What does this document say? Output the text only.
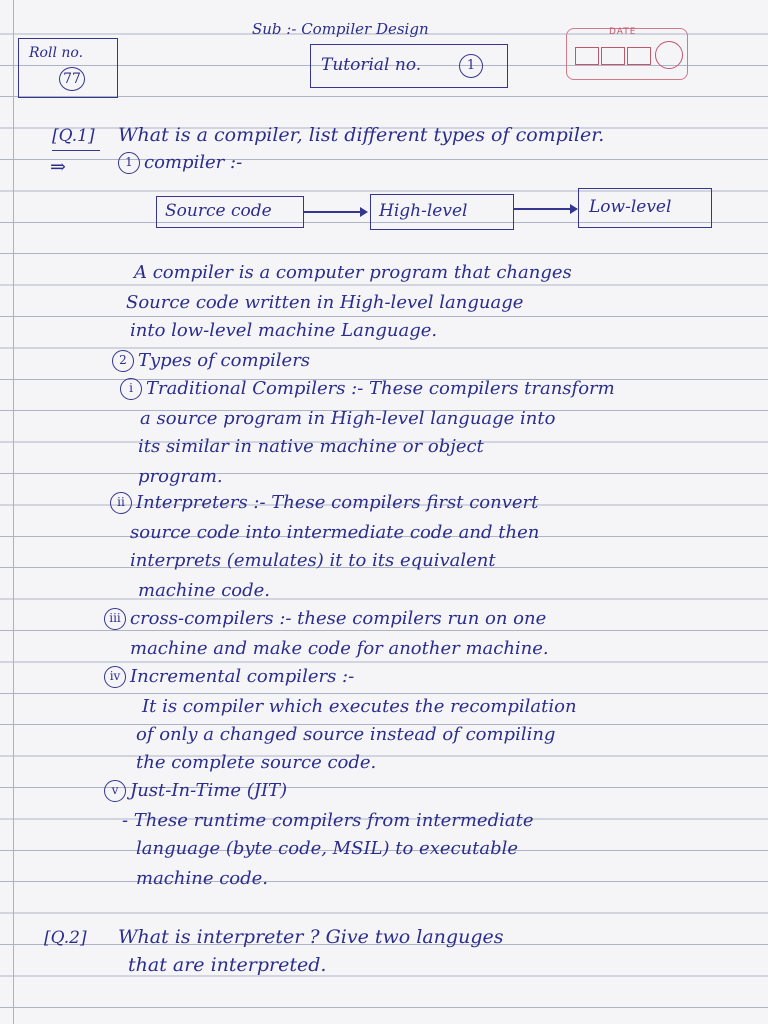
Sub :- Compiler Design
Roll no.
77
Tutorial no.	1
DATE
[Q.1] What is a compiler, list different types of compiler.
⇒	1 compiler :-
Source code	High-level	Low-level
A compiler is a computer program that changes
Source code written in High-level language
into low-level machine Language.
2 Types of compilers
i Traditional Compilers :- These compilers transform
a source program in High-level language into
its similar in native machine or object
program.
ii Interpreters :- These compilers first convert
source code into intermediate code and then
interprets (emulates) it to its equivalent
machine code.
iii cross-compilers :- these compilers run on one
machine and make code for another machine.
iv Incremental compilers :-
It is compiler which executes the recompilation
of only a changed source instead of compiling
the complete source code.
v Just-In-Time (JIT)
- These runtime compilers from intermediate
language (byte code, MSIL) to executable
machine code.
[Q.2] What is interpreter ? Give two languges
that are interpreted.
